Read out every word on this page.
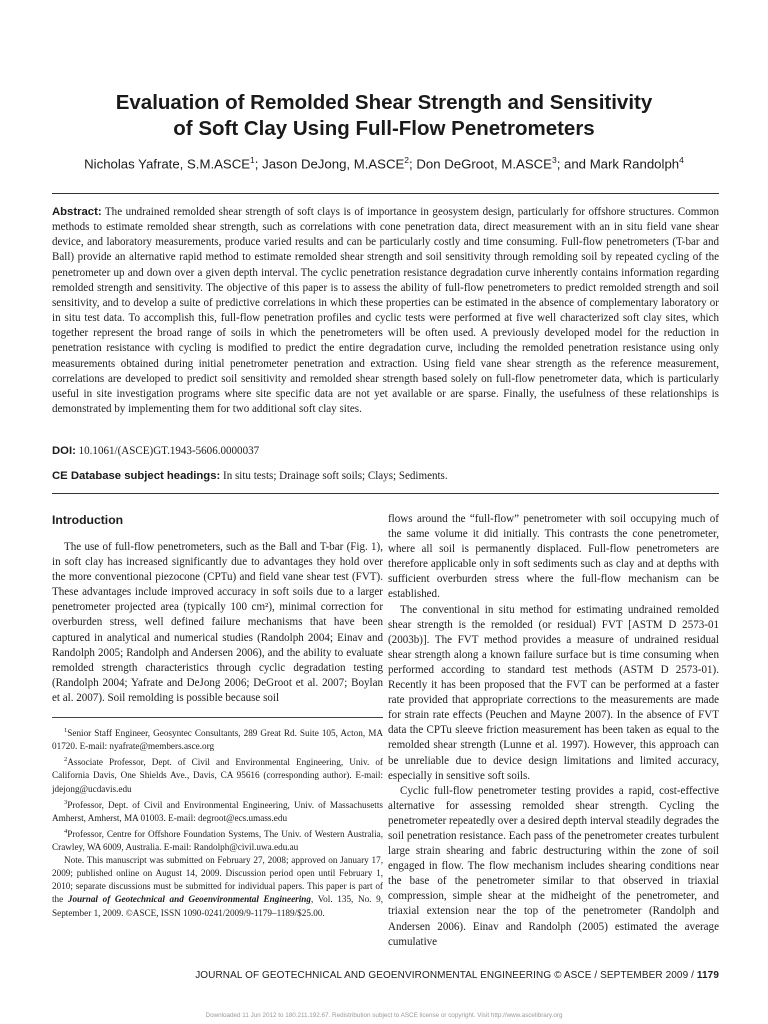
Evaluation of Remolded Shear Strength and Sensitivity
of Soft Clay Using Full-Flow Penetrometers
Nicholas Yafrate, S.M.ASCE$^1$; Jason DeJong, M.ASCE$^2$; Don DeGroot, M.ASCE$^3$; and Mark Randolph$^4$

Abstract: The undrained remolded shear strength of soft clays is of importance in geosystem design, particularly for offshore structures. Common methods to estimate remolded shear strength, such as correlations with cone penetration data, direct measurement with an in situ field vane shear device, and laboratory measurements, produce varied results and can be particularly costly and time consuming. Full-flow penetrometers (T-bar and Ball) provide an alternative rapid method to estimate remolded shear strength and soil sensitivity through remolding soil by repeated cycling of the penetrometer up and down over a given depth interval. The cyclic penetration resistance degradation curve inherently contains information regarding remolded strength and sensitivity. The objective of this paper is to assess the ability of full-flow penetrometers to predict remolded strength and soil sensitivity, and to develop a suite of predictive correlations in which these properties can be estimated in the absence of complementary laboratory or in situ test data. To accomplish this, full-flow penetration profiles and cyclic tests were performed at five well characterized soft clay sites, which together represent the broad range of soils in which the penetrometers will be often used. A previously developed model for the reduction in penetration resistance with cycling is modified to predict the entire degradation curve, including the remolded penetration resistance using only measurements obtained during initial penetrometer penetration and extraction. Using field vane shear strength as the reference measurement, correlations are developed to predict soil sensitivity and remolded shear strength based solely on full-flow penetrometer data, which is particularly useful in site investigation programs where site specific data are not yet available or are sparse. Finally, the usefulness of these relationships is demonstrated by implementing them for two additional soft clay sites.

DOI: 10.1061/(ASCE)GT.1943-5606.0000037

CE Database subject headings: In situ tests; Drainage soft soils; Clays; Sediments.

Introduction

The use of full-flow penetrometers, such as the Ball and T-bar (Fig. 1), in soft clay has increased significantly due to advantages they hold over the more conventional piezocone (CPTu) and field vane shear test (FVT). These advantages include improved accuracy in soft soils due to a larger penetrometer projected area (typically 100 cm²), minimal correction for overburden stress, well defined failure mechanisms that have been captured in analytical and numerical studies (Randolph 2004; Einav and Randolph 2005; Randolph and Andersen 2006), and the ability to evaluate remolded strength characteristics through cyclic degradation testing (Randolph 2004; Yafrate and DeJong 2006; DeGroot et al. 2007; Boylan et al. 2007). Soil remolding is possible because soil

$^1$Senior Staff Engineer, Geosyntec Consultants, 289 Great Rd. Suite 105, Acton, MA 01720. E-mail: nyafrate@members.asce.org

$^2$Associate Professor, Dept. of Civil and Environmental Engineering, Univ. of California Davis, One Shields Ave., Davis, CA 95616 (corresponding author). E-mail: jdejong@ucdavis.edu

$^3$Professor, Dept. of Civil and Environmental Engineering, Univ. of Massachusetts Amherst, Amherst, MA 01003. E-mail: degroot@ecs.umass.edu

$^4$Professor, Centre for Offshore Foundation Systems, The Univ. of Western Australia, Crawley, WA 6009, Australia. E-mail: Randolph@civil.uwa.edu.au

Note. This manuscript was submitted on February 27, 2008; approved on January 17, 2009; published online on August 14, 2009. Discussion period open until February 1, 2010; separate discussions must be submitted for individual papers. This paper is part of the Journal of Geotechnical and Geoenvironmental Engineering, Vol. 135, No. 9, September 1, 2009. ©ASCE, ISSN 1090-0241/2009/9-1179–1189/$25.00.

flows around the “full-flow” penetrometer with soil occupying much of the same volume it did initially. This contrasts the cone penetrometer, where all soil is permanently displaced. Full-flow penetrometers are therefore applicable only in soft sediments such as clay and at depths with sufficient overburden stress where the full-flow mechanism can be established.

The conventional in situ method for estimating undrained remolded shear strength is the remolded (or residual) FVT [ASTM D 2573-01 (2003b)]. The FVT method provides a measure of undrained residual shear strength along a known failure surface but is time consuming when performed according to standard test methods (ASTM D 2573-01). Recently it has been proposed that the FVT can be performed at a faster rate provided that appropriate corrections to the measurements are made for strain rate effects (Peuchen and Mayne 2007). In the absence of FVT data the CPTu sleeve friction measurement has been taken as equal to the remolded shear strength (Lunne et al. 1997). However, this approach can be unreliable due to device design limitations and limited accuracy, especially in sensitive soft soils.

Cyclic full-flow penetrometer testing provides a rapid, cost-effective alternative for assessing remolded shear strength. Cycling the penetrometer repeatedly over a desired depth interval steadily degrades the soil penetration resistance. Each pass of the penetrometer creates turbulent large strain shearing and fabric destructuring within the zone of soil engaged in flow. The flow mechanism includes shearing conditions near the base of the penetrometer similar to that observed in triaxial compression, simple shear at the midheight of the penetrometer, and triaxial extension near the top of the penetrometer (Randolph and Andersen 2006). Einav and Randolph (2005) estimated the average cumulative

JOURNAL OF GEOTECHNICAL AND GEOENVIRONMENTAL ENGINEERING © ASCE / SEPTEMBER 2009 / 1179
Downloaded 11 Jun 2012 to 180.211.192.67. Redistribution subject to ASCE license or copyright. Visit http://www.ascelibrary.org
